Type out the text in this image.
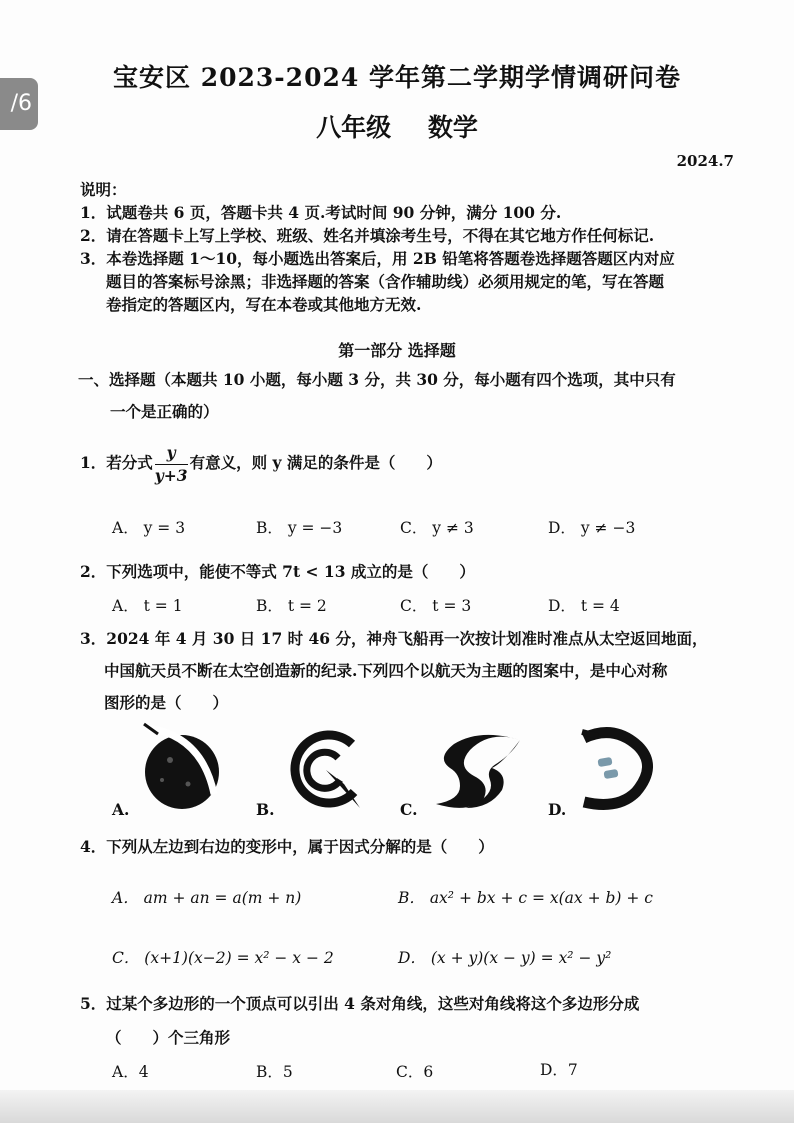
/6
宝安区 2023-2024 学年第二学期学情调研问卷
八年级 数学
2024.7
说明：
1．试题卷共 6 页，答题卡共 4 页.考试时间 90 分钟，满分 100 分.
2．请在答题卡上写上学校、班级、姓名并填涂考生号，不得在其它地方作任何标记.
3．本卷选择题 1～10，每小题选出答案后，用 2B 铅笔将答题卷选择题答题区内对应
题目的答案标号涂黑；非选择题的答案（含作辅助线）必须用规定的笔，写在答题
卷指定的答题区内，写在本卷或其他地方无效.
第一部分 选择题
一、选择题（本题共 10 小题，每小题 3 分，共 30 分，每小题有四个选项，其中只有
一个是正确的）
1．若分式 $\frac{y}{y+3}$ 有意义，则 y 满足的条件是（　　）
A． y = 3	B． y = −3	C． y ≠ 3	D． y ≠ −3
2．下列选项中，能使不等式 7t < 13 成立的是（　　）
A． t = 1	B． t = 2	C． t = 3	D． t = 4
3．2024 年 4 月 30 日 17 时 46 分，神舟飞船再一次按计划准时准点从太空返回地面，
中国航天员不断在太空创造新的纪录.下列四个以航天为主题的图案中，是中心对称
图形的是（　　）
A.	B.	C.	D.
4．下列从左边到右边的变形中，属于因式分解的是（　　）
A． am + an = a(m + n)	B． ax² + bx + c = x(ax + b) + c
C． (x+1)(x−2) = x² − x − 2	D． (x + y)(x − y) = x² − y²
5．过某个多边形的一个顶点可以引出 4 条对角线，这些对角线将这个多边形分成
（　　）个三角形
A．4	B．5	C．6	D．7
